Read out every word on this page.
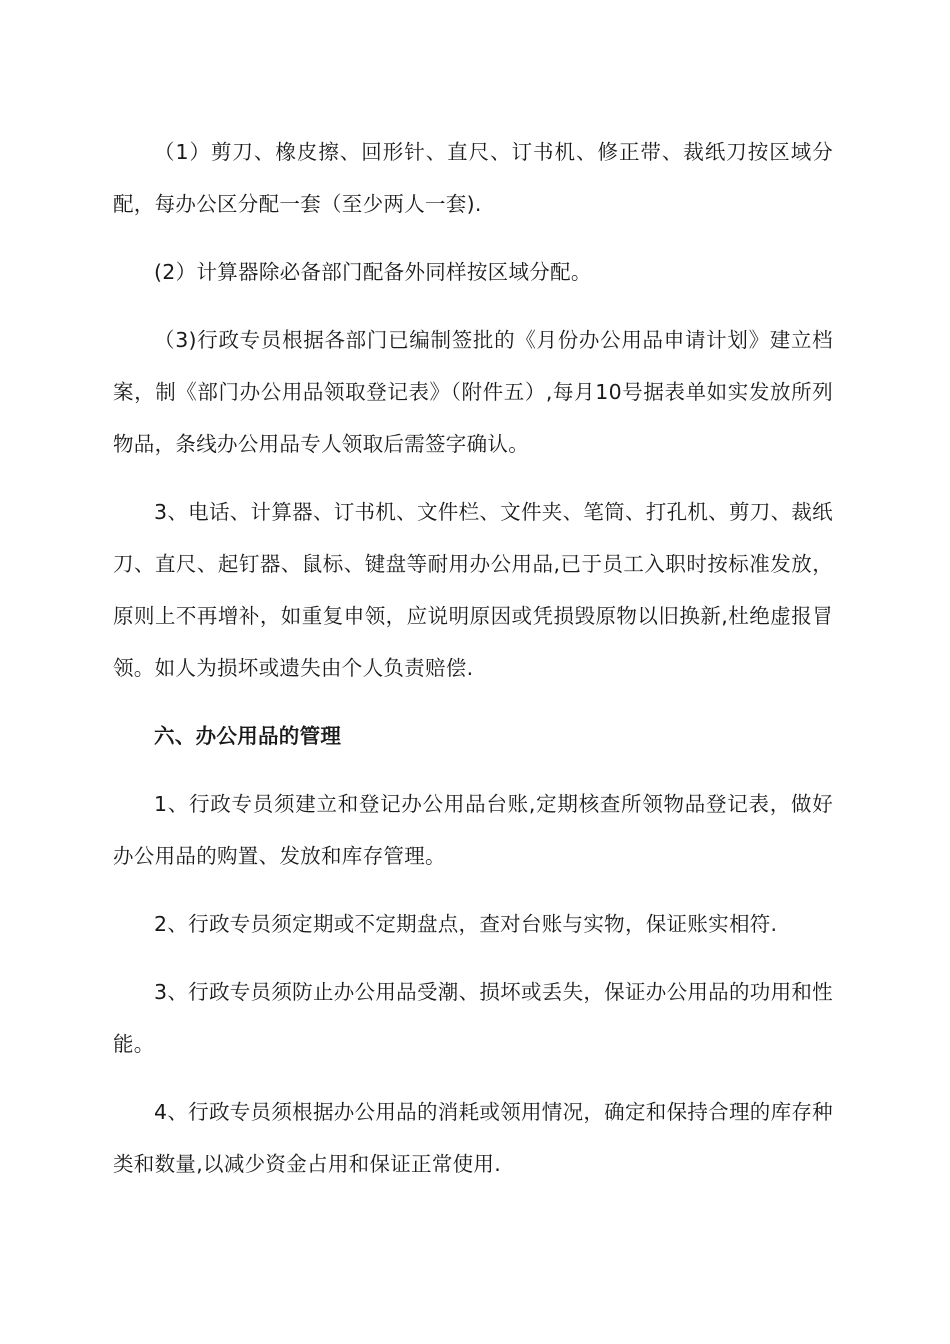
（1）剪刀、橡皮擦、回形针、直尺、订书机、修正带、裁纸刀按区域分配，每办公区分配一套（至少两人一套).

(2）计算器除必备部门配备外同样按区域分配。

（3)行政专员根据各部门已编制签批的《月份办公用品申请计划》建立档案，制《部门办公用品领取登记表》（附件五）,每月10号据表单如实发放所列物品，条线办公用品专人领取后需签字确认。

3、电话、计算器、订书机、文件栏、文件夹、笔筒、打孔机、剪刀、裁纸刀、直尺、起钉器、鼠标、键盘等耐用办公用品,已于员工入职时按标准发放，原则上不再增补，如重复申领，应说明原因或凭损毁原物以旧换新,杜绝虚报冒领。如人为损坏或遗失由个人负责赔偿.

六、办公用品的管理

1、行政专员须建立和登记办公用品台账,定期核查所领物品登记表，做好办公用品的购置、发放和库存管理。

2、行政专员须定期或不定期盘点，查对台账与实物，保证账实相符.

3、行政专员须防止办公用品受潮、损坏或丢失，保证办公用品的功用和性能。

4、行政专员须根据办公用品的消耗或领用情况，确定和保持合理的库存种类和数量,以减少资金占用和保证正常使用.
